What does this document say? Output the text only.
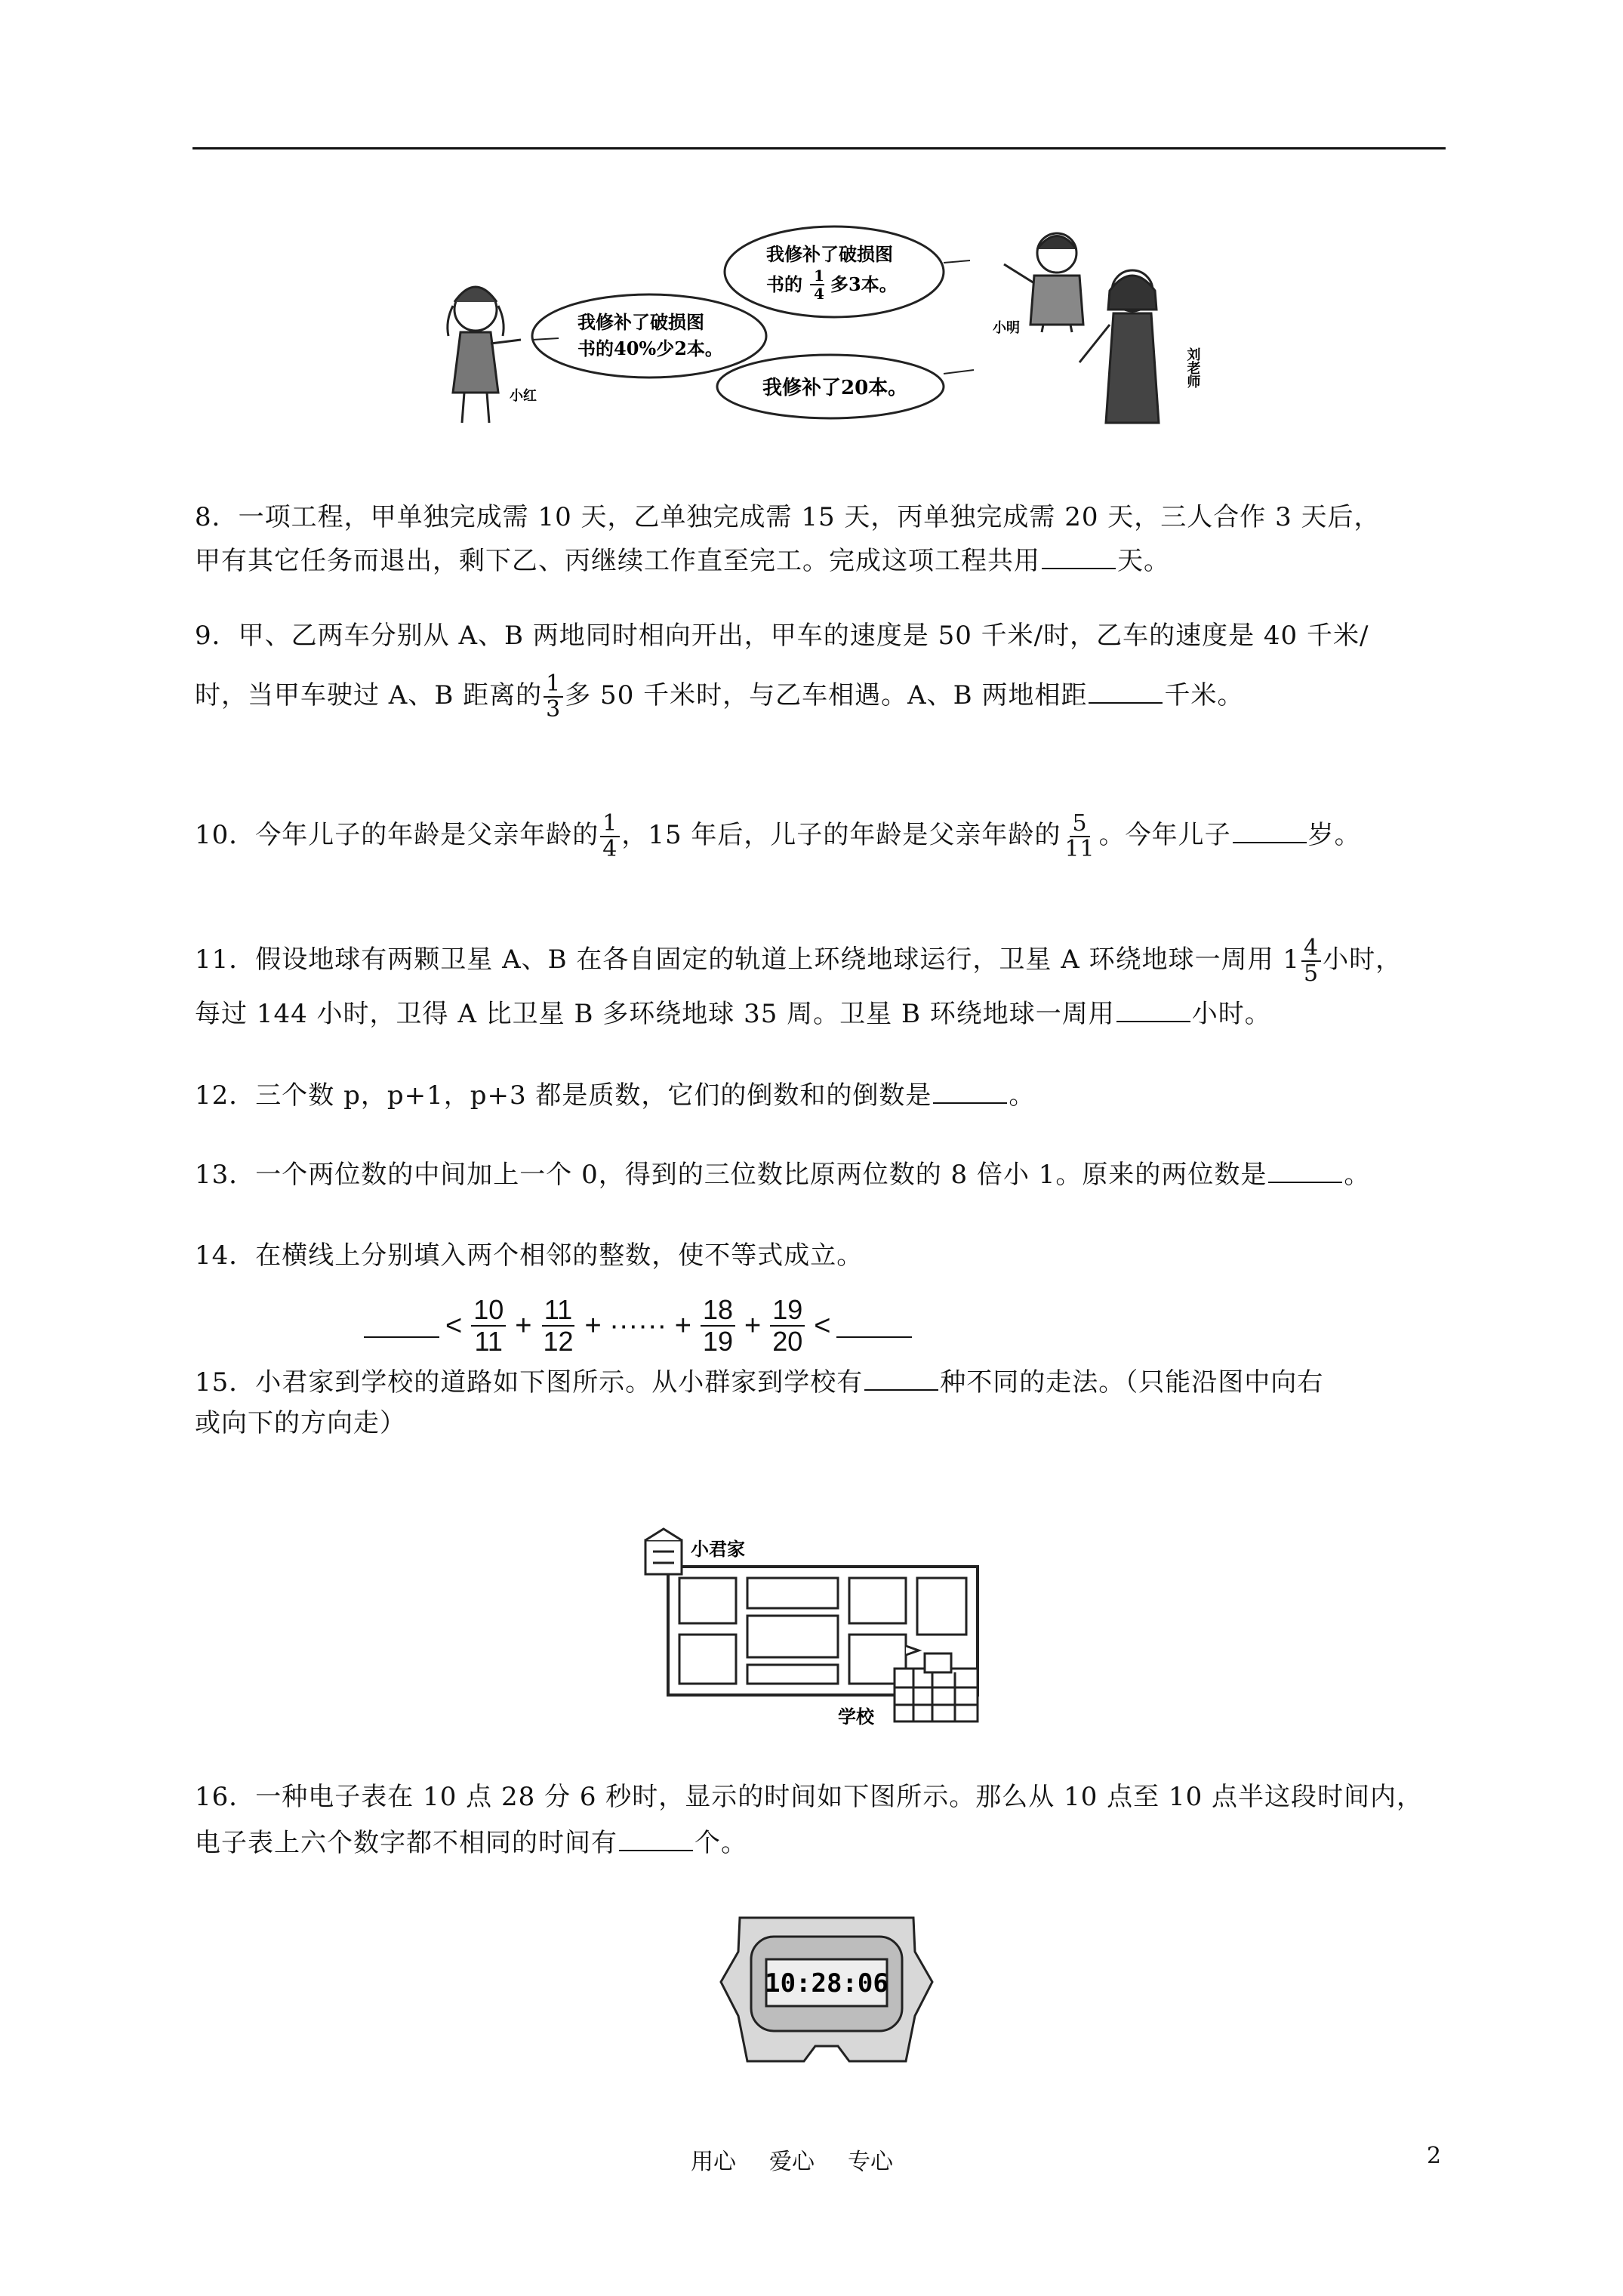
小红
我修补了破损图
书的40%少2本。
我修补了破损图
书的 1
4 多3本。
小明
我修补了20本。	刘老师
8．一项工程，甲单独完成需 10 天，乙单独完成需 15 天，丙单独完成需 20 天，三人合作 3 天后，
甲有其它任务而退出，剩下乙、丙继续工作直至完工。完成这项工程共用	天。
9．甲、乙两车分别从 A、B 两地同时相向开出，甲车的速度是 50 千米/时，乙车的速度是 40 千米/
时，当甲车驶过 A、B 距离的 $\frac{1}{3}$ 多 50 千米时，与乙车相遇。A、B 两地相距	千米。
10．今年儿子的年龄是父亲年龄的 $\frac{1}{4}$ ，15 年后，儿子的年龄是父亲年龄的 $\frac{5}{11}$ 。今年儿子	岁。
11．假设地球有两颗卫星 A、B 在各自固定的轨道上环绕地球运行，卫星 A 环绕地球一周用 $1 \frac{4}{5}$ 小时，
每过 144 小时，卫得 A 比卫星 B 多环绕地球 35 周。卫星 B 环绕地球一周用	小时。
12．三个数 p，p+1，p+3 都是质数，它们的倒数和的倒数是	。
13．一个两位数的中间加上一个 0，得到的三位数比原两位数的 8 倍小 1。原来的两位数是	。
14．在横线上分别填入两个相邻的整数，使不等式成立。
< $\frac{10}{11} + \frac{11}{12}$ + ······ + $\frac{18}{19} + \frac{19}{20}$ <
15．小君家到学校的道路如下图所示。从小群家到学校有	种不同的走法。（只能沿图中向右
或向下的方向走）
小君家
学校
16．一种电子表在 10 点 28 分 6 秒时，显示的时间如下图所示。那么从 10 点至 10 点半这段时间内，
电子表上六个数字都不相同的时间有	个。
10:28:06
用心 爱心 专心	2
